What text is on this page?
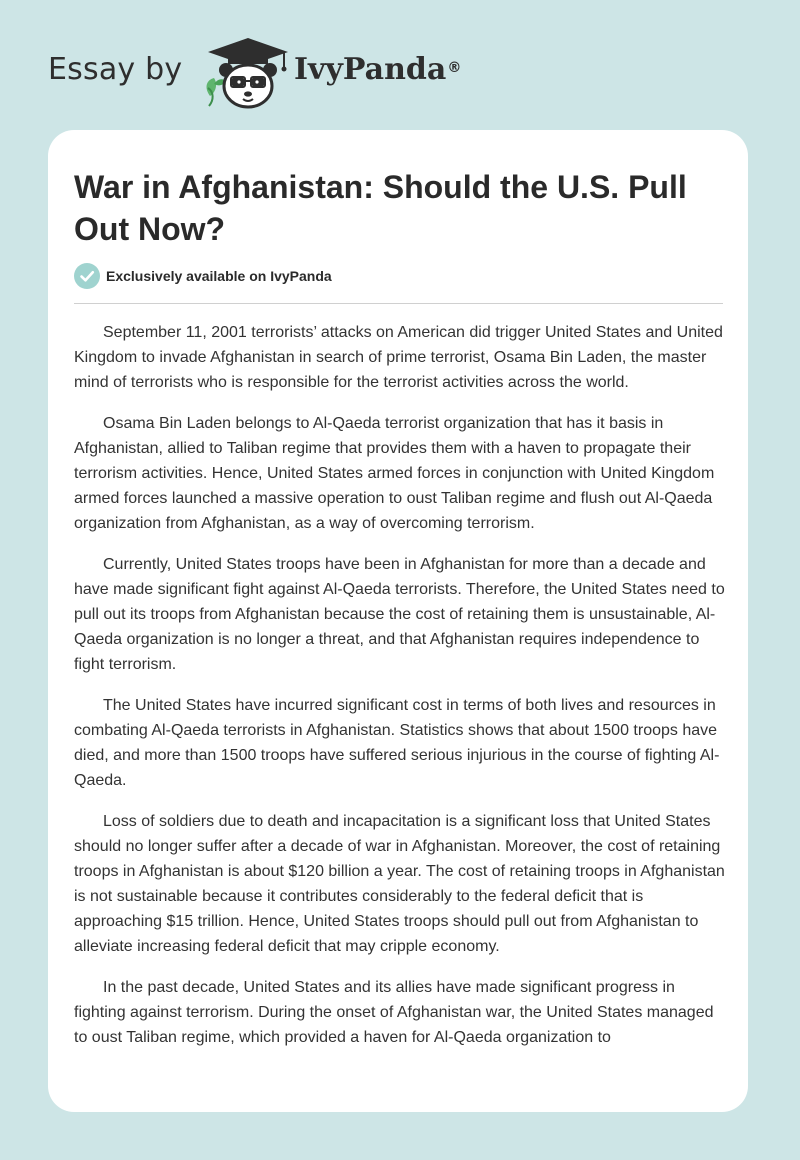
Essay by	IvyPanda®
War in Afghanistan: Should the U.S. Pull Out Now?
Exclusively available on IvyPanda

September 11, 2001 terrorists’ attacks on American did trigger United States and United Kingdom to invade Afghanistan in search of prime terrorist, Osama Bin Laden, the master mind of terrorists who is responsible for the terrorist activities across the world.

Osama Bin Laden belongs to Al-Qaeda terrorist organization that has it basis in Afghanistan, allied to Taliban regime that provides them with a haven to propagate their terrorism activities. Hence, United States armed forces in conjunction with United Kingdom armed forces launched a massive operation to oust Taliban regime and flush out Al-Qaeda organization from Afghanistan, as a way of overcoming terrorism.

Currently, United States troops have been in Afghanistan for more than a decade and have made significant fight against Al-Qaeda terrorists. Therefore, the United States need to pull out its troops from Afghanistan because the cost of retaining them is unsustainable, Al-Qaeda organization is no longer a threat, and that Afghanistan requires independence to fight terrorism.

The United States have incurred significant cost in terms of both lives and resources in combating Al-Qaeda terrorists in Afghanistan. Statistics shows that about 1500 troops have died, and more than 1500 troops have suffered serious injurious in the course of fighting Al-Qaeda.

Loss of soldiers due to death and incapacitation is a significant loss that United States should no longer suffer after a decade of war in Afghanistan. Moreover, the cost of retaining troops in Afghanistan is about $120 billion a year. The cost of retaining troops in Afghanistan is not sustainable because it contributes considerably to the federal deficit that is approaching $15 trillion. Hence, United States troops should pull out from Afghanistan to alleviate increasing federal deficit that may cripple economy.

In the past decade, United States and its allies have made significant progress in fighting against terrorism. During the onset of Afghanistan war, the United States managed to oust Taliban regime, which provided a haven for Al-Qaeda organization to
